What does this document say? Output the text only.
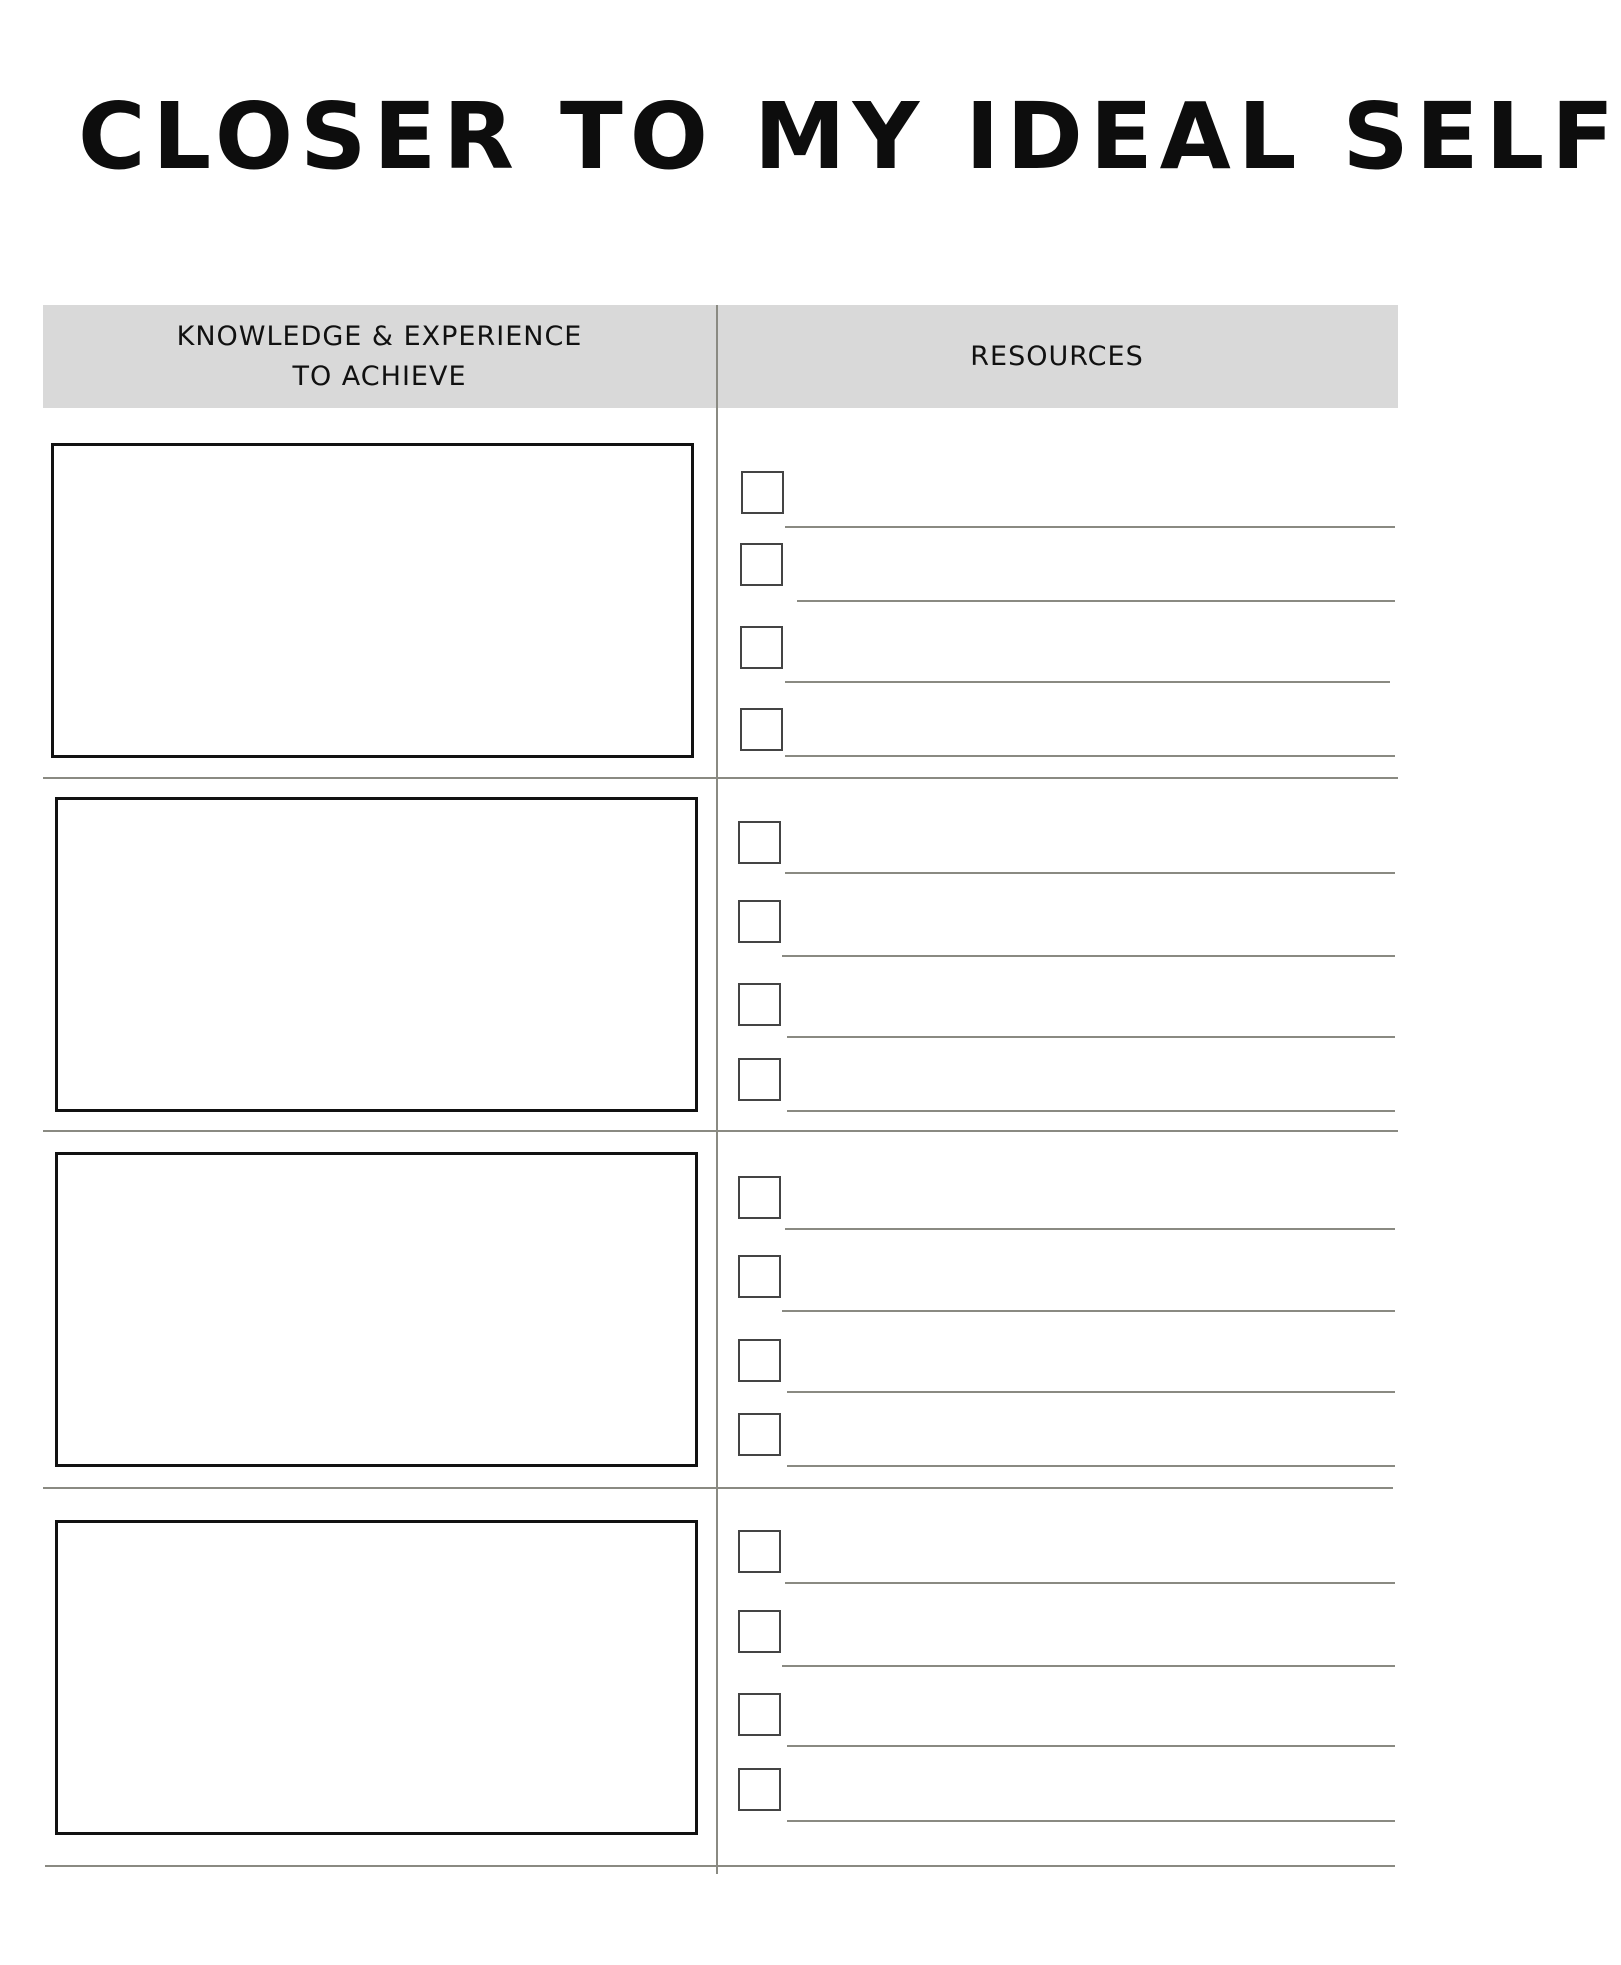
CLOSER TO MY IDEAL SELF
KNOWLEDGE & EXPERIENCE
TO ACHIEVE
RESOURCES
